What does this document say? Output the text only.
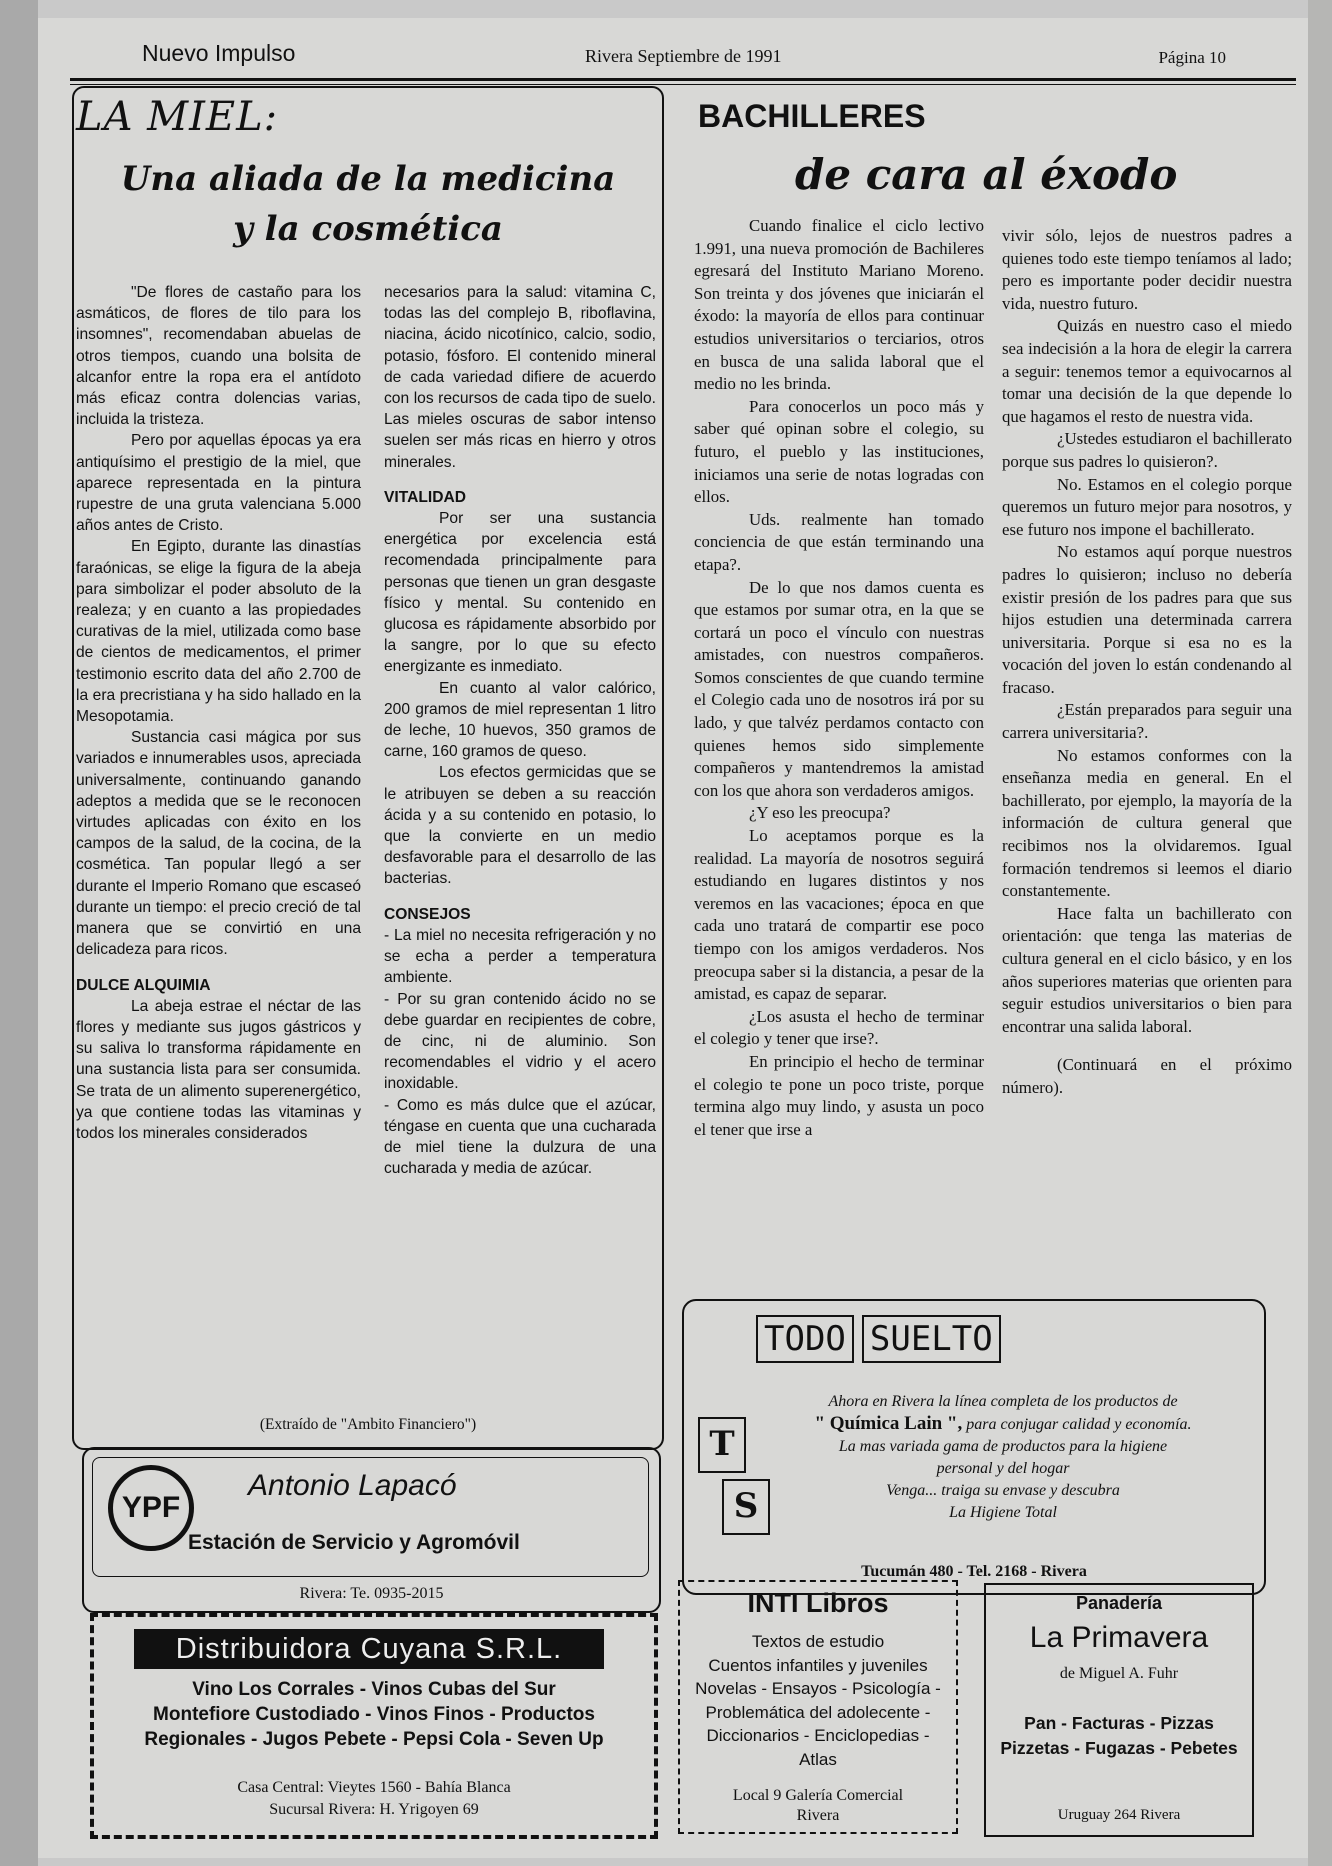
Nuevo Impulso	Rivera Septiembre de 1991	Página 10
LA MIEL:
Una aliada de la medicina
y la cosmética

"De flores de castaño para los asmáticos, de flores de tilo para los insomnes", recomendaban abuelas de otros tiempos, cuando una bolsita de alcanfor entre la ropa era el antídoto más eficaz contra dolencias varias, incluida la tristeza.

Pero por aquellas épocas ya era antiquísimo el prestigio de la miel, que aparece representada en la pintura rupestre de una gruta valenciana 5.000 años antes de Cristo.

En Egipto, durante las dinastías faraónicas, se elige la figura de la abeja para simbolizar el poder absoluto de la realeza; y en cuanto a las propiedades curativas de la miel, utilizada como base de cientos de medicamentos, el primer testimonio escrito data del año 2.700 de la era precristiana y ha sido hallado en la Mesopotamia.

Sustancia casi mágica por sus variados e innumerables usos, apreciada universalmente, continuando ganando adeptos a medida que se le reconocen virtudes aplicadas con éxito en los campos de la salud, de la cocina, de la cosmética. Tan popular llegó a ser durante el Imperio Romano que escaseó durante un tiempo: el precio creció de tal manera que se convirtió en una delicadeza para ricos.

DULCE ALQUIMIA

La abeja estrae el néctar de las flores y mediante sus jugos gástricos y su saliva lo transforma rápidamente en una sustancia lista para ser consumida. Se trata de un alimento superenergético, ya que contiene todas las vitaminas y todos los minerales considerados

necesarios para la salud: vitamina C, todas las del complejo B, riboflavina, niacina, ácido nicotínico, calcio, sodio, potasio, fósforo. El contenido mineral de cada variedad difiere de acuerdo con los recursos de cada tipo de suelo. Las mieles oscuras de sabor intenso suelen ser más ricas en hierro y otros minerales.

VITALIDAD

Por ser una sustancia energética por excelencia está recomendada principalmente para personas que tienen un gran desgaste físico y mental. Su contenido en glucosa es rápidamente absorbido por la sangre, por lo que su efecto energizante es inmediato.

En cuanto al valor calórico, 200 gramos de miel representan 1 litro de leche, 10 huevos, 350 gramos de carne, 160 gramos de queso.

Los efectos germicidas que se le atribuyen se deben a su reacción ácida y a su contenido en potasio, lo que la convierte en un medio desfavorable para el desarrollo de las bacterias.

CONSEJOS

- La miel no necesita refrigeración y no se echa a perder a temperatura ambiente.

- Por su gran contenido ácido no se debe guardar en recipientes de cobre, de cinc, ni de aluminio. Son recomendables el vidrio y el acero inoxidable.

- Como es más dulce que el azúcar, téngase en cuenta que una cucharada de miel tiene la dulzura de una cucharada y media de azúcar.

(Extraído de "Ambito Financiero")
BACHILLERES
de cara al éxodo

Cuando finalice el ciclo lectivo 1.991, una nueva promoción de Bachileres egresará del Instituto Mariano Moreno. Son treinta y dos jóvenes que iniciarán el éxodo: la mayoría de ellos para continuar estudios universitarios o terciarios, otros en busca de una salida laboral que el medio no les brinda.

Para conocerlos un poco más y saber qué opinan sobre el colegio, su futuro, el pueblo y las instituciones, iniciamos una serie de notas logradas con ellos.

Uds. realmente han tomado conciencia de que están terminando una etapa?.

De lo que nos damos cuenta es que estamos por sumar otra, en la que se cortará un poco el vínculo con nuestras amistades, con nuestros compañeros. Somos conscientes de que cuando termine el Colegio cada uno de nosotros irá por su lado, y que talvéz perdamos contacto con quienes hemos sido simplemente compañeros y mantendremos la amistad con los que ahora son verdaderos amigos.

¿Y eso les preocupa?

Lo aceptamos porque es la realidad. La mayoría de nosotros seguirá estudiando en lugares distintos y nos veremos en las vacaciones; época en que cada uno tratará de compartir ese poco tiempo con los amigos verdaderos. Nos preocupa saber si la distancia, a pesar de la amistad, es capaz de separar.

¿Los asusta el hecho de terminar el colegio y tener que irse?.

En principio el hecho de terminar el colegio te pone un poco triste, porque termina algo muy lindo, y asusta un poco el tener que irse a

vivir sólo, lejos de nuestros padres a quienes todo este tiempo teníamos al lado; pero es importante poder decidir nuestra vida, nuestro futuro.

Quizás en nuestro caso el miedo sea indecisión a la hora de elegir la carrera a seguir: tenemos temor a equivocarnos al tomar una decisión de la que depende lo que hagamos el resto de nuestra vida.

¿Ustedes estudiaron el bachillerato porque sus padres lo quisieron?.

No. Estamos en el colegio porque queremos un futuro mejor para nosotros, y ese futuro nos impone el bachillerato.

No estamos aquí porque nuestros padres lo quisieron; incluso no debería existir presión de los padres para que sus hijos estudien una determinada carrera universitaria. Porque si esa no es la vocación del joven lo están condenando al fracaso.

¿Están preparados para seguir una carrera universitaria?.

No estamos conformes con la enseñanza media en general. En el bachillerato, por ejemplo, la mayoría de la información de cultura general que recibimos nos la olvidaremos. Igual formación tendremos si leemos el diario constantemente.

Hace falta un bachillerato con orientación: que tenga las materias de cultura general en el ciclo básico, y en los años superiores materias que orienten para seguir estudios universitarios o bien para encontrar una salida laboral.

(Continuará en el próximo número).

YPF
Antonio Lapacó
Estación de Servicio y Agromóvil
Rivera: Te. 0935-2015
Distribuidora Cuyana S.R.L.
Vino Los Corrales - Vinos Cubas del Sur
Montefiore Custodiado - Vinos Finos - Productos
Regionales - Jugos Pebete - Pepsi Cola - Seven Up
Casa Central: Vieytes 1560 - Bahía Blanca
Sucursal Rivera: H. Yrigoyen 69
TODO SUELTO
T
S
Ahora en Rivera la línea completa de los productos de
" Química Lain ", para conjugar calidad y economía.
La mas variada gama de productos para la higiene
personal y del hogar
Venga... traiga su envase y descubra
La Higiene Total
Tucumán 480 - Tel. 2168 - Rivera
INTI Libros
Textos de estudio
Cuentos infantiles y juveniles
Novelas - Ensayos - Psicología -
Problemática del adolecente -
Diccionarios - Enciclopedias -
Atlas
Local 9 Galería Comercial
Rivera
Panadería
La Primavera
de Miguel A. Fuhr
Pan - Facturas - Pizzas
Pizzetas - Fugazas - Pebetes
Uruguay 264 Rivera
